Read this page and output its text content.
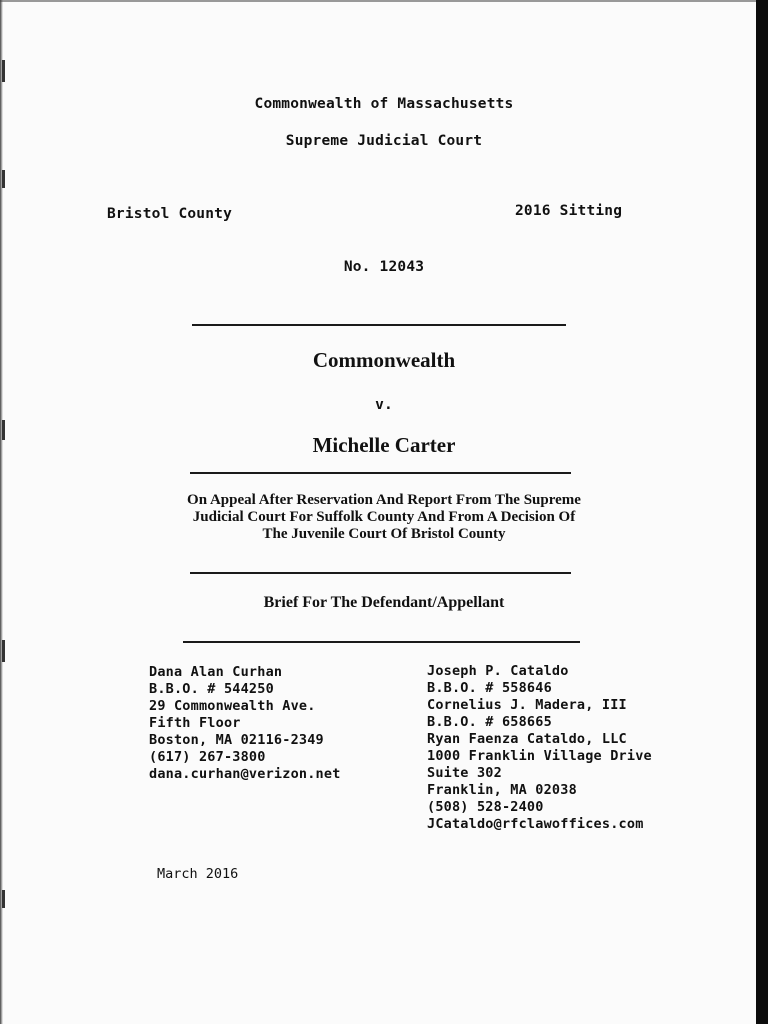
Commonwealth of Massachusetts
Supreme Judicial Court
Bristol County	2016 Sitting
No. 12043
Commonwealth
v.
Michelle Carter
On Appeal After Reservation And Report From The Supreme
Judicial Court For Suffolk County And From A Decision Of
The Juvenile Court Of Bristol County
Brief For The Defendant/Appellant
Dana Alan Curhan
B.B.O. # 544250
29 Commonwealth Ave.
Fifth Floor
Boston, MA 02116-2349
(617) 267-3800
dana.curhan@verizon.net
Joseph P. Cataldo
B.B.O. # 558646
Cornelius J. Madera, III
B.B.O. # 658665
Ryan Faenza Cataldo, LLC
1000 Franklin Village Drive
Suite 302
Franklin, MA 02038
(508) 528-2400
JCataldo@rfclawoffices.com
March 2016
